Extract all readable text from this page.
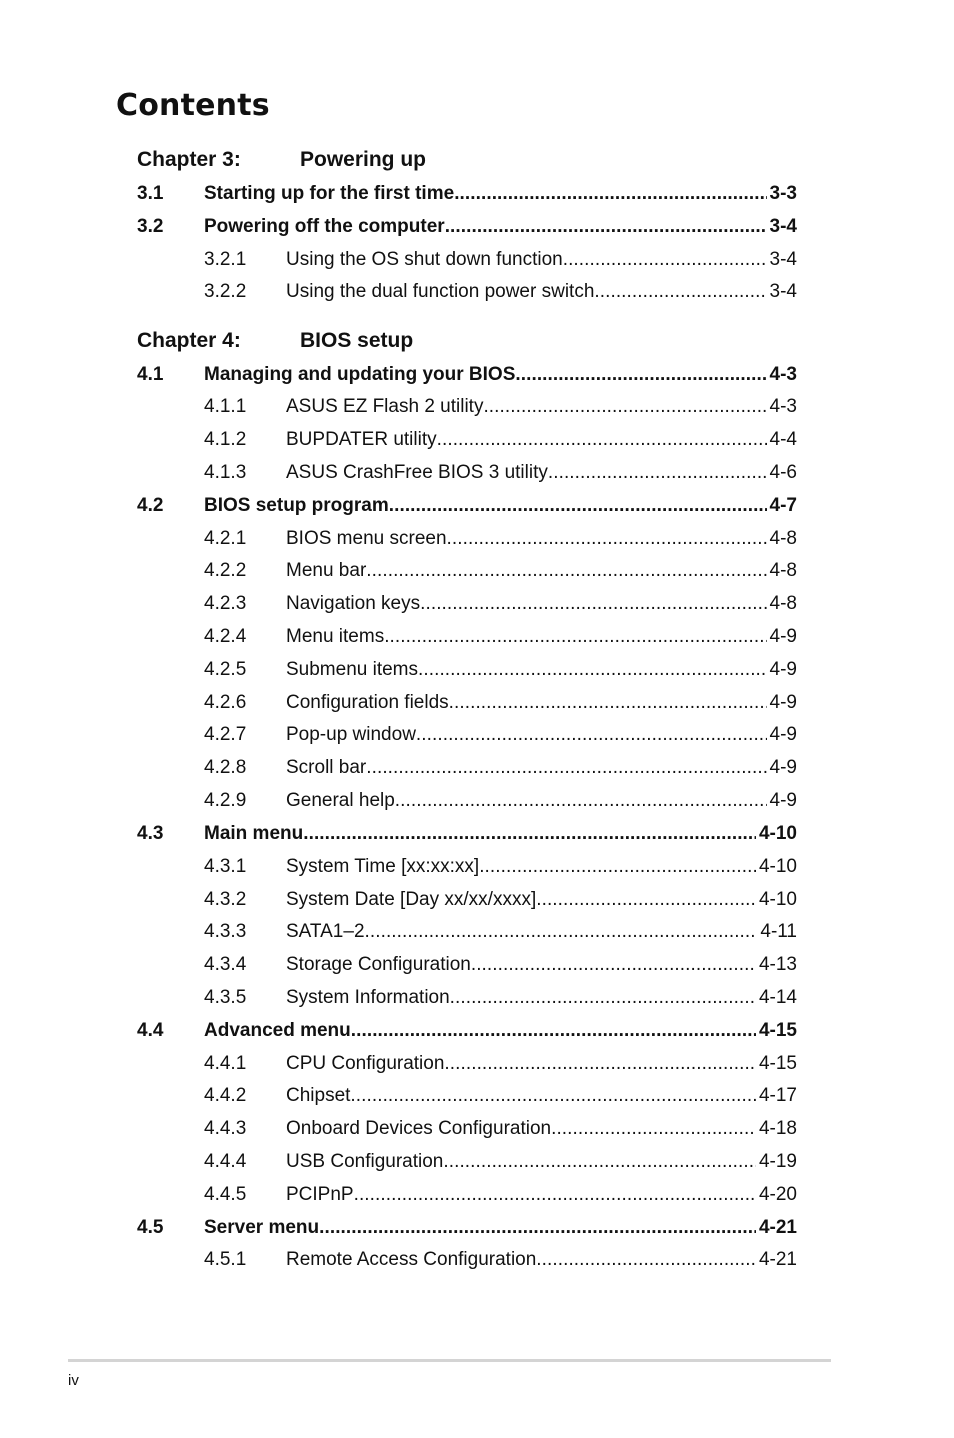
Contents
Chapter 3:	Powering up
3.1	Starting up for the first time . . .	3-3
3.2	Powering off the computer . . .	3-4
3.2.1	Using the OS shut down function . . .	3-4
3.2.2	Using the dual function power switch . . .	3-4
Chapter 4:	BIOS setup
4.1	Managing and updating your BIOS . . .	4-3
4.1.1	ASUS EZ Flash 2 utility . . .	4-3
4.1.2	BUPDATER utility . . .	4-4
4.1.3	ASUS CrashFree BIOS 3 utility . . .	4-6
4.2	BIOS setup program . . .	4-7
4.2.1	BIOS menu screen . . .	4-8
4.2.2	Menu bar . . .	4-8
4.2.3	Navigation keys . . .	4-8
4.2.4	Menu items . . .	4-9
4.2.5	Submenu items . . .	4-9
4.2.6	Configuration fields . . .	4-9
4.2.7	Pop-up window . . .	4-9
4.2.8	Scroll bar . . .	4-9
4.2.9	General help . . .	4-9
4.3	Main menu . . .	4-10
4.3.1	System Time [xx:xx:xx] . . .	4-10
4.3.2	System Date [Day xx/xx/xxxx] . . .	4-10
4.3.3	SATA1–2 . . .	4-11
4.3.4	Storage Configuration . . .	4-13
4.3.5	System Information . . .	4-14
4.4	Advanced menu . . .	4-15
4.4.1	CPU Configuration . . .	4-15
4.4.2	Chipset . . .	4-17
4.4.3	Onboard Devices Configuration . . .	4-18
4.4.4	USB Configuration . . .	4-19
4.4.5	PCIPnP . . .	4-20
4.5	Server menu . . .	4-21
4.5.1	Remote Access Configuration . . .	4-21
iv
